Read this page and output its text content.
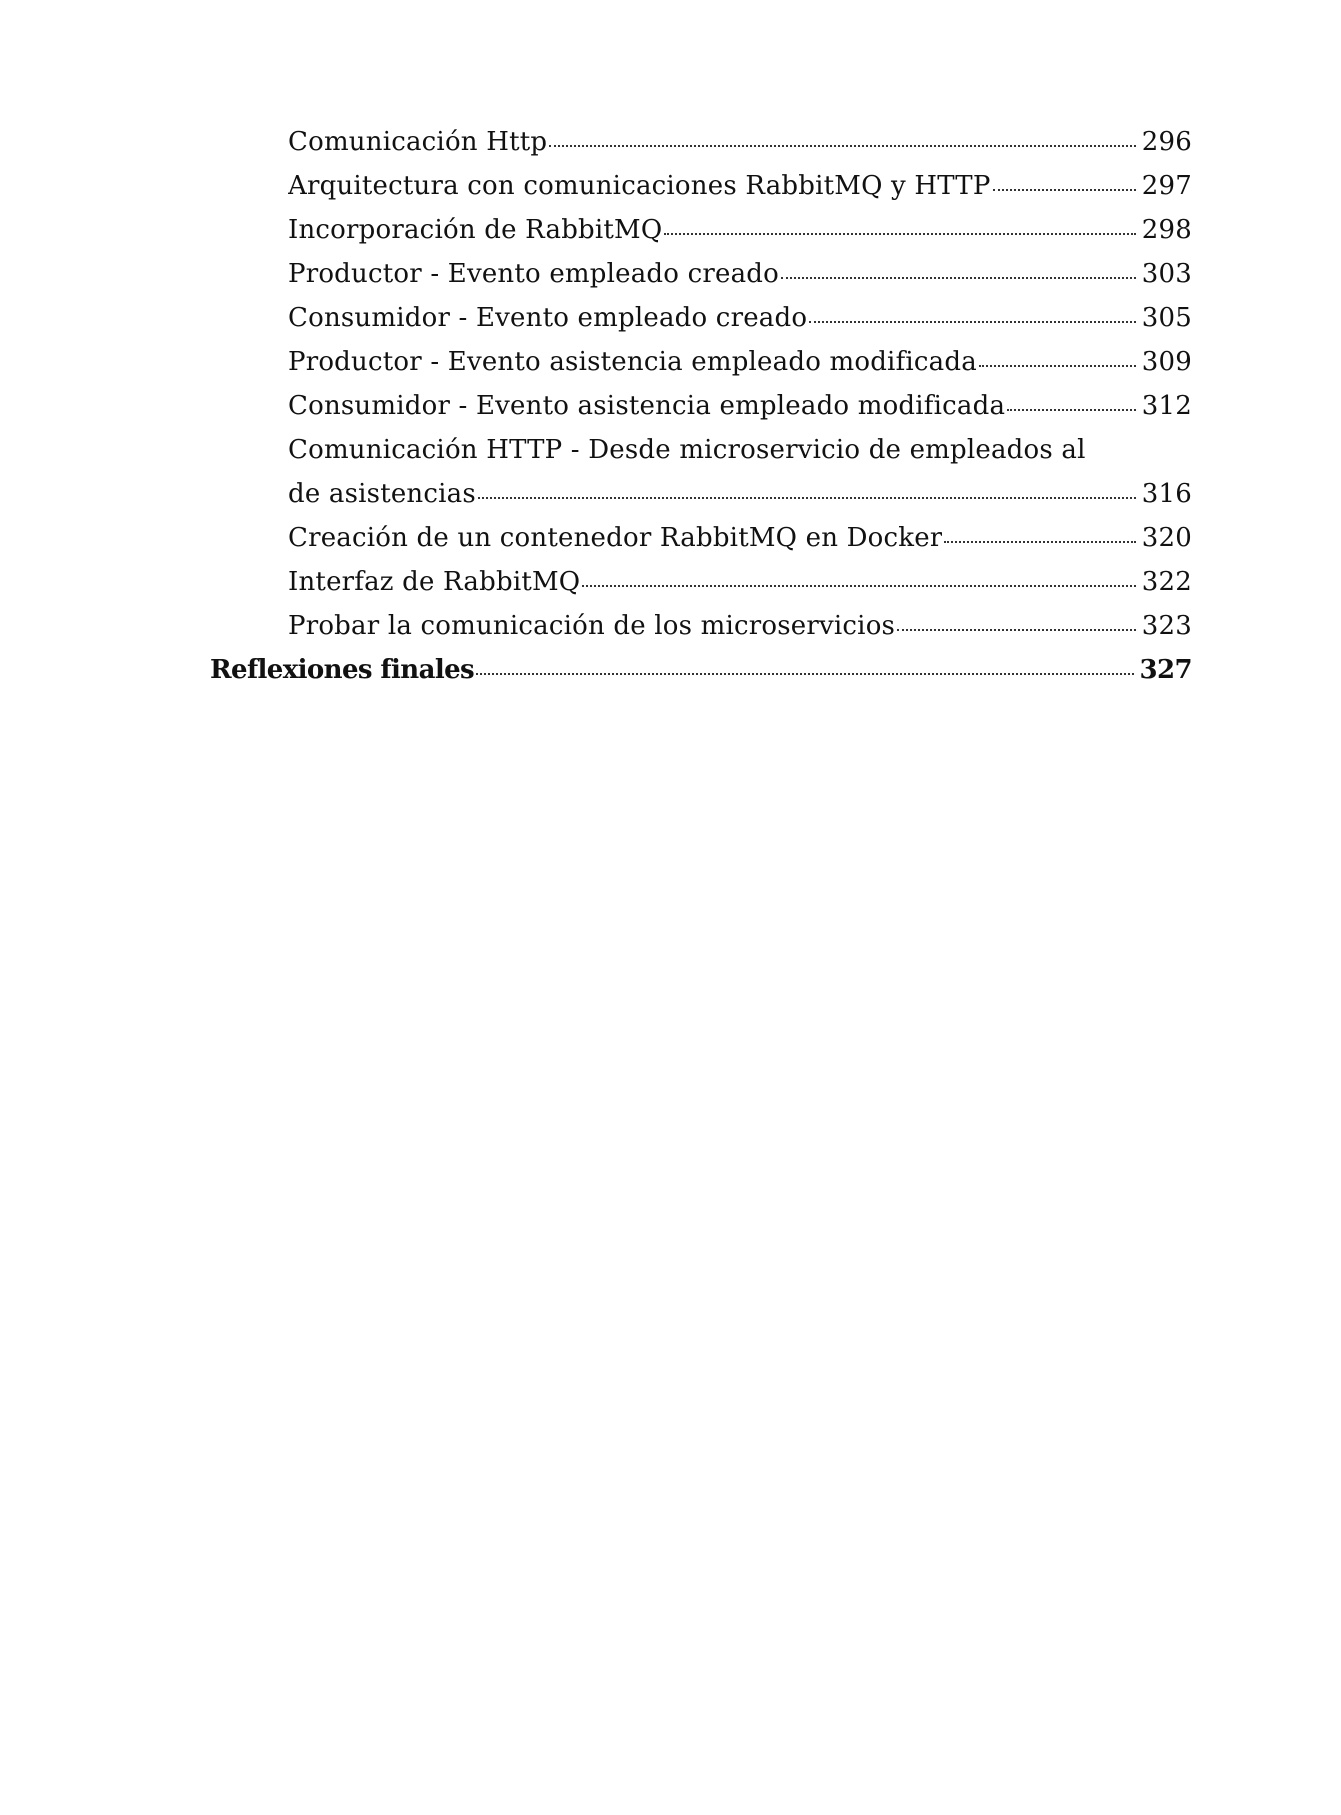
Comunicación Http	296
Arquitectura con comunicaciones RabbitMQ y HTTP	297
Incorporación de RabbitMQ	298
Productor - Evento empleado creado	303
Consumidor - Evento empleado creado	305
Productor - Evento asistencia empleado modificada	309
Consumidor - Evento asistencia empleado modificada	312
Comunicación HTTP - Desde microservicio de empleados al
de asistencias	316
Creación de un contenedor RabbitMQ en Docker	320
Interfaz de RabbitMQ	322
Probar la comunicación de los microservicios	323
Reflexiones finales	327
